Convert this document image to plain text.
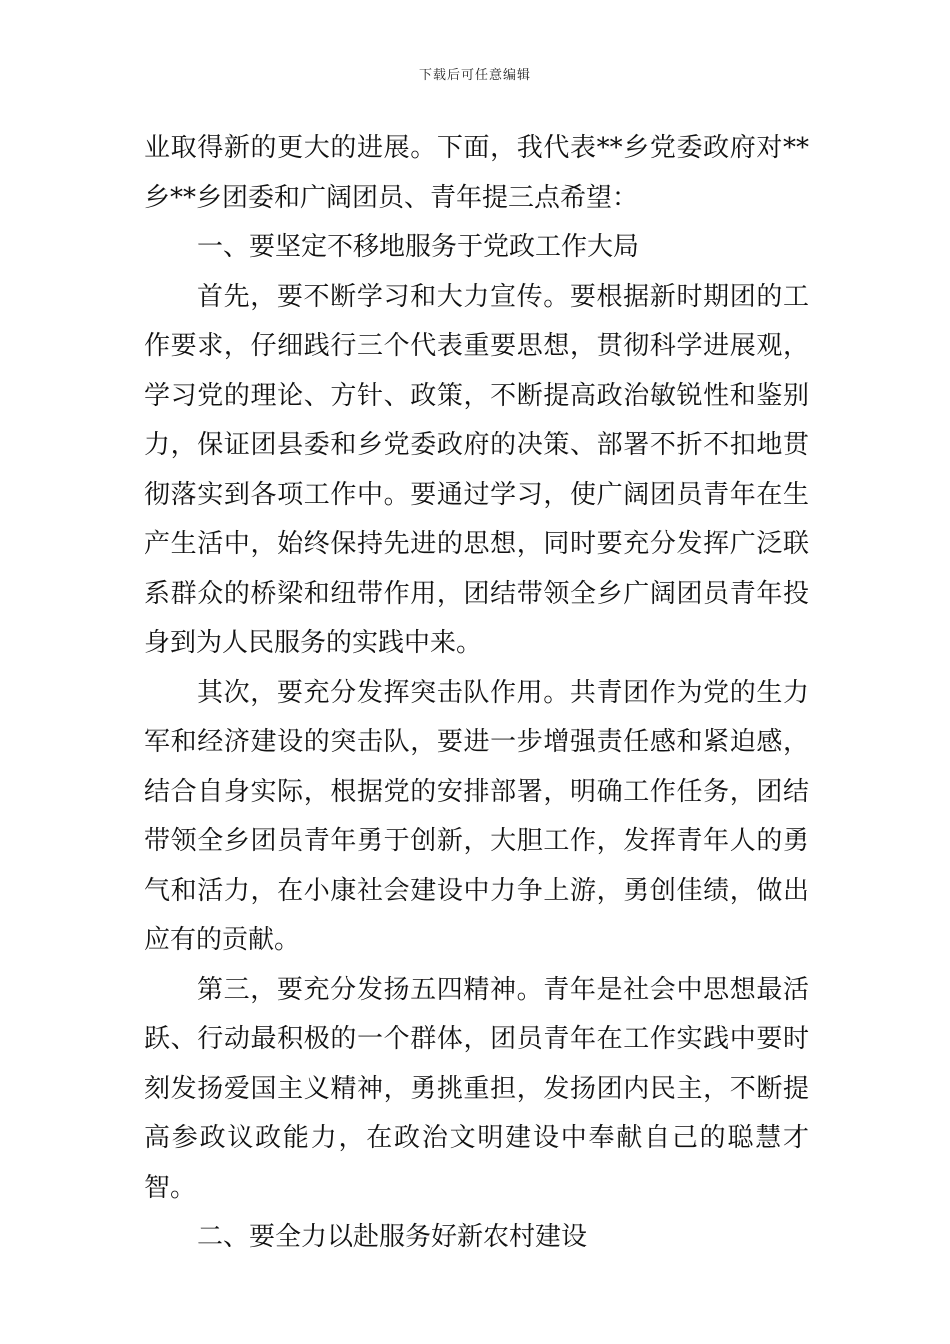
下载后可任意编辑

业取得新的更大的进展。下面，我代表**乡党委政府对**乡**乡团委和广阔团员、青年提三点希望：

一、要坚定不移地服务于党政工作大局

首先，要不断学习和大力宣传。要根据新时期团的工作要求，仔细践行三个代表重要思想，贯彻科学进展观，学习党的理论、方针、政策，不断提高政治敏锐性和鉴别力，保证团县委和乡党委政府的决策、部署不折不扣地贯彻落实到各项工作中。要通过学习，使广阔团员青年在生产生活中，始终保持先进的思想，同时要充分发挥广泛联系群众的桥梁和纽带作用，团结带领全乡广阔团员青年投身到为人民服务的实践中来。

其次，要充分发挥突击队作用。共青团作为党的生力军和经济建设的突击队，要进一步增强责任感和紧迫感，结合自身实际，根据党的安排部署，明确工作任务，团结带领全乡团员青年勇于创新，大胆工作，发挥青年人的勇气和活力，在小康社会建设中力争上游，勇创佳绩，做出应有的贡献。

第三，要充分发扬五四精神。青年是社会中思想最活跃、行动最积极的一个群体，团员青年在工作实践中要时刻发扬爱国主义精神，勇挑重担，发扬团内民主，不断提高参政议政能力，在政治文明建设中奉献自己的聪慧才智。

二、要全力以赴服务好新农村建设
